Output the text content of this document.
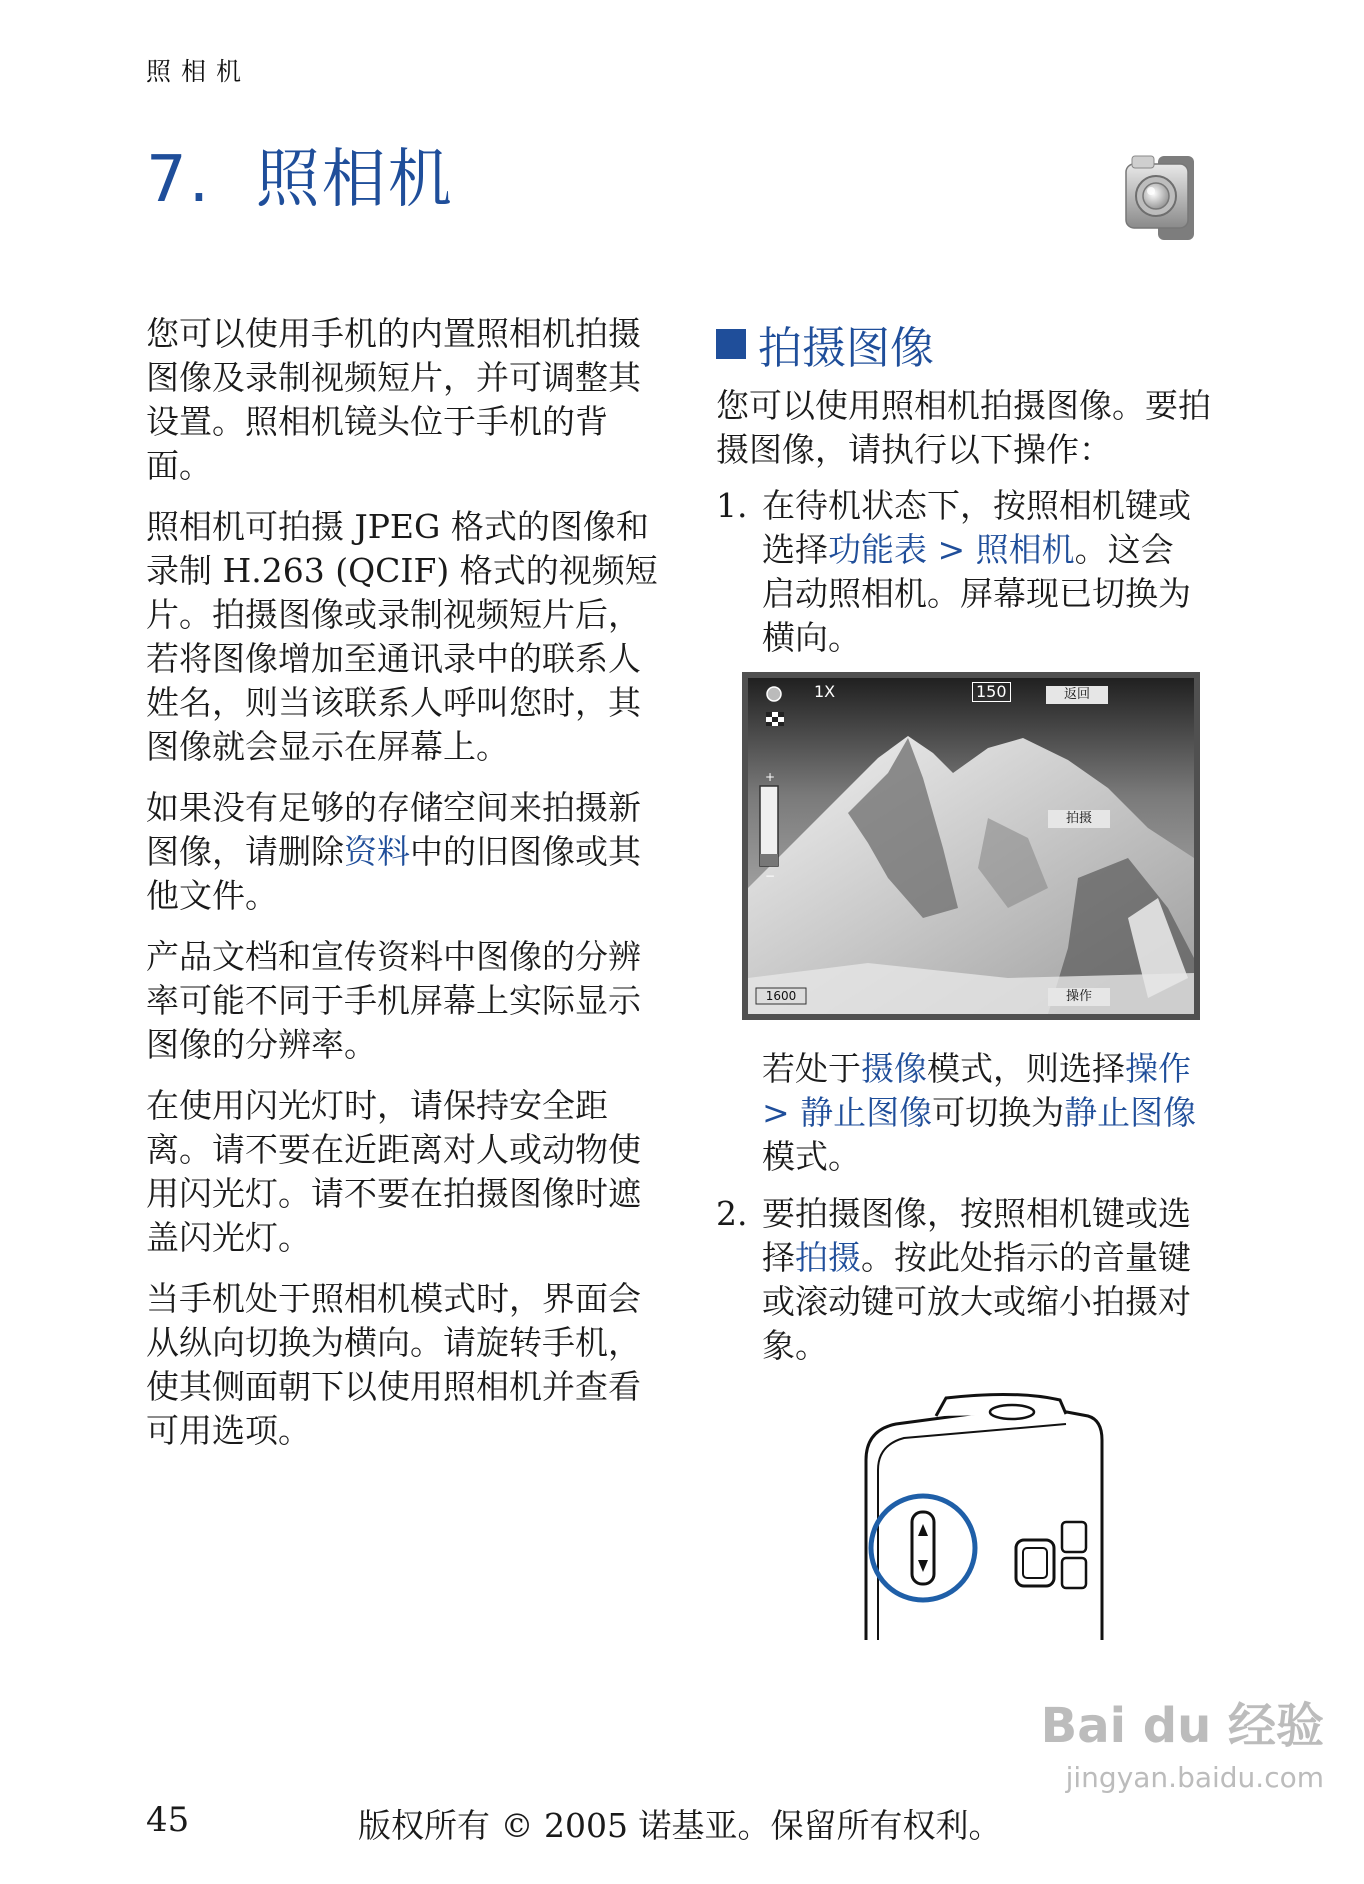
照相机
7. 照相机

您可以使用手机的内置照相机拍摄图像及录制视频短片，并可调整其设置。照相机镜头位于手机的背面。

照相机可拍摄 JPEG 格式的图像和录制 H.263 (QCIF) 格式的视频短片。拍摄图像或录制视频短片后，若将图像增加至通讯录中的联系人姓名，则当该联系人呼叫您时，其图像就会显示在屏幕上。

如果没有足够的存储空间来拍摄新图像，请删除资料中的旧图像或其他文件。

产品文档和宣传资料中图像的分辨率可能不同于手机屏幕上实际显示图像的分辨率。

在使用闪光灯时，请保持安全距离。请不要在近距离对人或动物使用闪光灯。请不要在拍摄图像时遮盖闪光灯。

当手机处于照相机模式时，界面会从纵向切换为横向。请旋转手机，使其侧面朝下以使用照相机并查看可用选项。

拍摄图像
您可以使用照相机拍摄图像。要拍摄图像，请执行以下操作：
1. 在待机状态下，按照相机键或选择功能表 > 照相机。这会启动照相机。屏幕现已切换为横向。
+
−
1X	150	返回
拍摄
操作
1600
若处于摄像模式，则选择操作 > 静止图像可切换为静止图像模式。
2. 要拍摄图像，按照相机键或选择拍摄。按此处指示的音量键或滚动键可放大或缩小拍摄对象。
Bai du 经验
jingyan.baidu.com
45	版权所有 © 2005 诺基亚。保留所有权利。
